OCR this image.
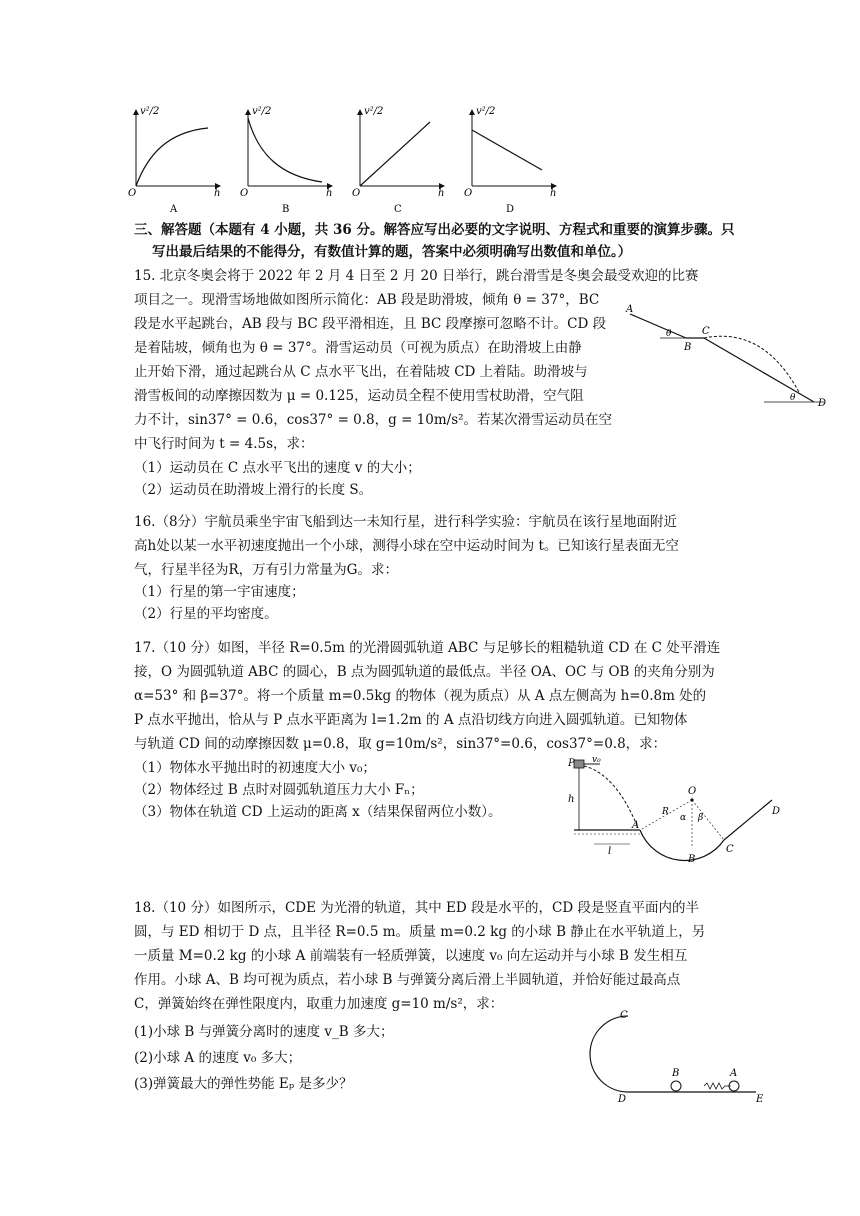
O	h
v²/2
A
O	h
v²/2
B
O	h
v²/2
C
O	h
v²/2
D
三、解答题（本题有 4 小题，共 36 分。解答应写出必要的文字说明、方程式和重要的演算步骤。只
写出最后结果的不能得分，有数值计算的题，答案中必须明确写出数值和单位。）
15. 北京冬奥会将于 2022 年 2 月 4 日至 2 月 20 日举行，跳台滑雪是冬奥会最受欢迎的比赛
项目之一。现滑雪场地做如图所示简化：AB 段是助滑坡，倾角 θ = 37°，BC
段是水平起跳台，AB 段与 BC 段平滑相连，且 BC 段摩擦可忽略不计。CD 段
是着陆坡，倾角也为 θ = 37°。滑雪运动员（可视为质点）在助滑坡上由静
止开始下滑，通过起跳台从 C 点水平飞出，在着陆坡 CD 上着陆。助滑坡与
滑雪板间的动摩擦因数为 μ = 0.125，运动员全程不使用雪杖助滑，空气阻
力不计，sin37° = 0.6，cos37° = 0.8，g = 10m/s²。若某次滑雪运动员在空
中飞行时间为 t = 4.5s，求：
（1）运动员在 C 点水平飞出的速度 v 的大小；
（2）运动员在助滑坡上滑行的长度 S。
A
B
C
D
θ
θ
16.（8分）宇航员乘坐宇宙飞船到达一未知行星，进行科学实验：宇航员在该行星地面附近
高h处以某一水平初速度抛出一个小球，测得小球在空中运动时间为 t。已知该行星表面无空
气，行星半径为R，万有引力常量为G。求：
（1）行星的第一宇宙速度；
（2）行星的平均密度。
17.（10 分）如图，半径 R=0.5m 的光滑圆弧轨道 ABC 与足够长的粗糙轨道 CD 在 C 处平滑连
接，O 为圆弧轨道 ABC 的圆心，B 点为圆弧轨道的最低点。半径 OA、OC 与 OB 的夹角分别为
α=53° 和 β=37°。将一个质量 m=0.5kg 的物体（视为质点）从 A 点左侧高为 h=0.8m 处的
P 点水平抛出，恰从与 P 点水平距离为 l=1.2m 的 A 点沿切线方向进入圆弧轨道。已知物体
与轨道 CD 间的动摩擦因数 μ=0.8，取 g=10m/s²，sin37°=0.6，cos37°=0.8，求：
（1）物体水平抛出时的初速度大小 v₀；
（2）物体经过 B 点时对圆弧轨道压力大小 Fₙ；
（3）物体在轨道 CD 上运动的距离 x（结果保留两位小数）。
P v₀
h
l
A
B
C
D
O
R
α β
18.（10 分）如图所示，CDE 为光滑的轨道，其中 ED 段是水平的，CD 段是竖直平面内的半
圆，与 ED 相切于 D 点，且半径 R=0.5 m。质量 m=0.2 kg 的小球 B 静止在水平轨道上，另
一质量 M=0.2 kg 的小球 A 前端装有一轻质弹簧，以速度 v₀ 向左运动并与小球 B 发生相互
作用。小球 A、B 均可视为质点，若小球 B 与弹簧分离后滑上半圆轨道，并恰好能过最高点
C，弹簧始终在弹性限度内，取重力加速度 g=10 m/s²，求：
(1)小球 B 与弹簧分离时的速度 v_B 多大；
(2)小球 A 的速度 v₀ 多大；
(3)弹簧最大的弹性势能 Eₚ 是多少？
C
D	E
B	A
